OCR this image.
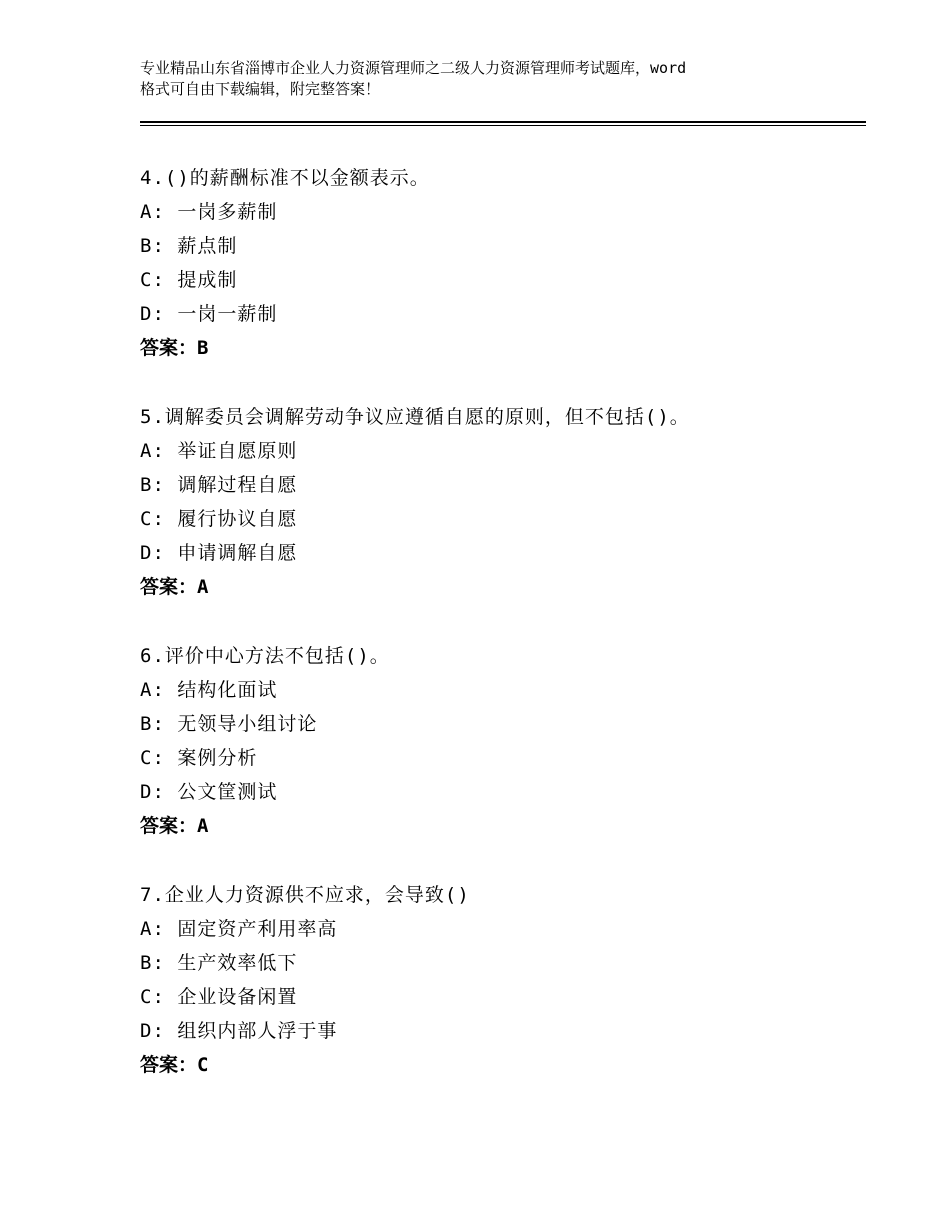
专业精品山东省淄博市企业人力资源管理师之二级人力资源管理师考试题库，word
格式可自由下载编辑，附完整答案！
4.()的薪酬标准不以金额表示。
A: 一岗多薪制
B: 薪点制
C: 提成制
D: 一岗一薪制
答案：B
5.调解委员会调解劳动争议应遵循自愿的原则，但不包括()。
A: 举证自愿原则
B: 调解过程自愿
C: 履行协议自愿
D: 申请调解自愿
答案：A
6.评价中心方法不包括()。
A: 结构化面试
B: 无领导小组讨论
C: 案例分析
D: 公文筐测试
答案：A
7.企业人力资源供不应求，会导致()
A: 固定资产利用率高
B: 生产效率低下
C: 企业设备闲置
D: 组织内部人浮于事
答案：C
